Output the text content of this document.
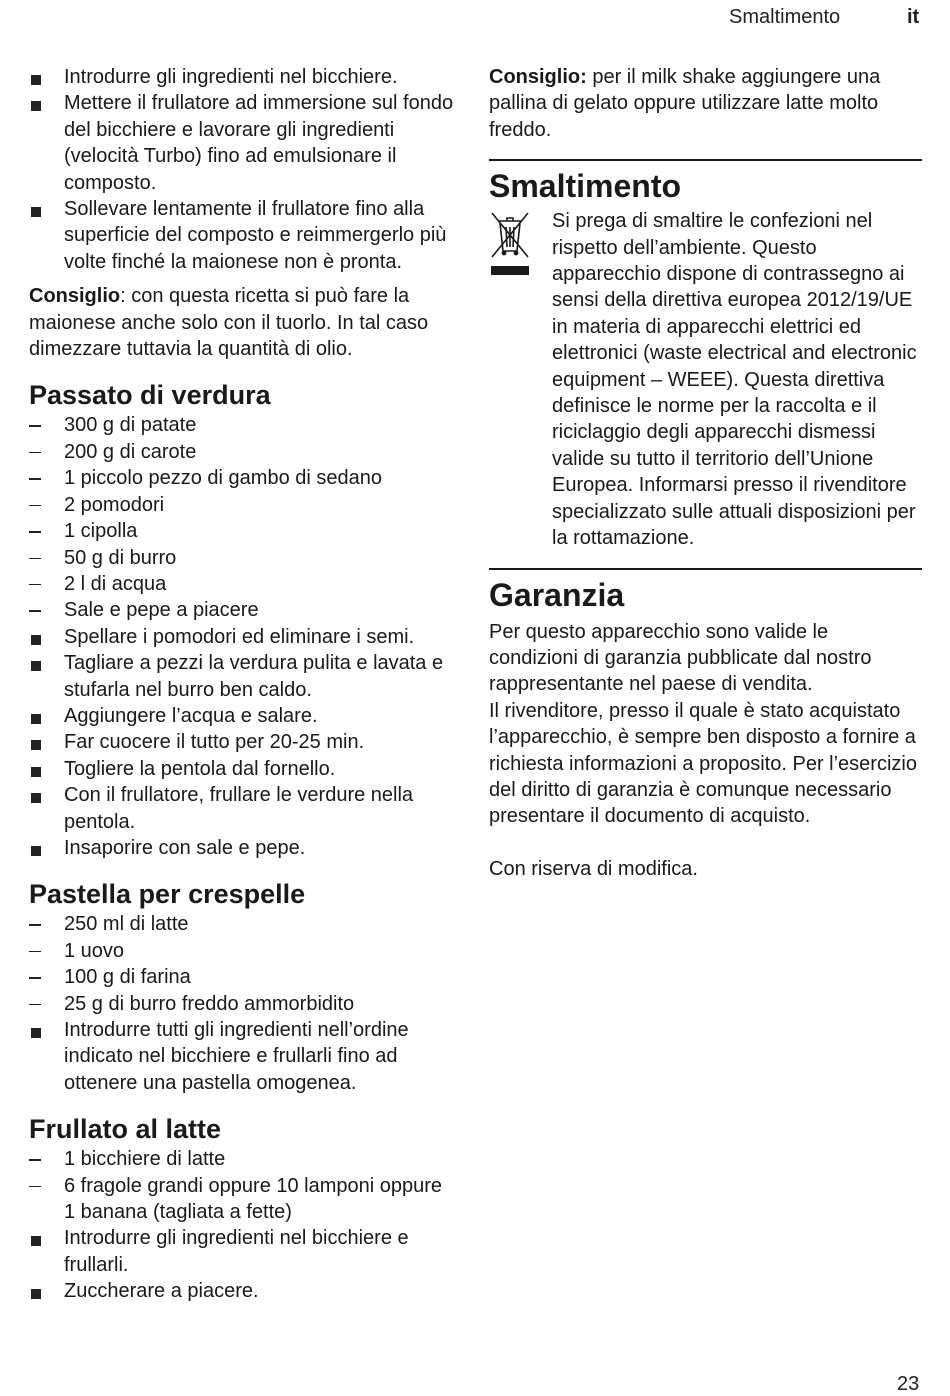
Smaltimento	it
Introdurre gli ingredienti nel bicchiere.
Mettere il frullatore ad immersione sul fondo del bicchiere e lavorare gli ingredienti (velocità Turbo) fino ad emulsionare il composto.
Sollevare lentamente il frullatore fino alla superficie del composto e reimmergerlo più volte finché la maionese non è pronta.

Consiglio: con questa ricetta si può fare la maionese anche solo con il tuorlo. In tal caso dimezzare tuttavia la quantità di olio.

Passato di verdura
300 g di patate
200 g di carote
1 piccolo pezzo di gambo di sedano
2 pomodori
1 cipolla
50 g di burro
2 l di acqua
Sale e pepe a piacere
Spellare i pomodori ed eliminare i semi.
Tagliare a pezzi la verdura pulita e lavata e stufarla nel burro ben caldo.
Aggiungere l’acqua e salare.
Far cuocere il tutto per 20-25 min.
Togliere la pentola dal fornello.
Con il frullatore, frullare le verdure nella pentola.
Insaporire con sale e pepe.
Pastella per crespelle
250 ml di latte
1 uovo
100 g di farina
25 g di burro freddo ammorbidito
Introdurre tutti gli ingredienti nell’ordine indicato nel bicchiere e frullarli fino ad ottenere una pastella omogenea.
Frullato al latte
1 bicchiere di latte
6 fragole grandi oppure 10 lamponi oppure 1 banana (tagliata a fette)
Introdurre gli ingredienti nel bicchiere e frullarli.
Zuccherare a piacere.

Consiglio: per il milk shake aggiungere una pallina di gelato oppure utilizzare latte molto freddo.

Smaltimento

Si prega di smaltire le confezioni nel rispetto dell’ambiente. Questo apparecchio dispone di contrassegno ai sensi della direttiva europea 2012/19/UE in materia di apparecchi elettrici ed elettronici (waste electrical and electronic equipment – WEEE). Questa direttiva definisce le norme per la raccolta e il riciclaggio degli apparecchi dismessi valide su tutto il territorio dell’Unione Europea. Informarsi presso il rivenditore specializzato sulle attuali disposizioni per la rottamazione.

Garanzia

Per questo apparecchio sono valide le condizioni di garanzia pubblicate dal nostro rappresentante nel paese di vendita.

Il rivenditore, presso il quale è stato acquistato l’apparecchio, è sempre ben disposto a fornire a richiesta informazioni a proposito. Per l’esercizio del diritto di garanzia è comunque necessario presentare il documento di acquisto.

Con riserva di modifica.

23
